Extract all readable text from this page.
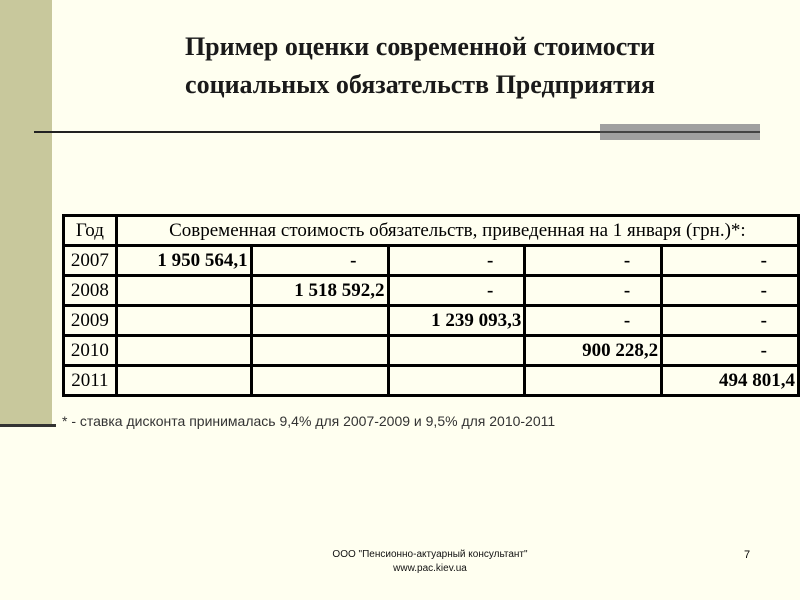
Пример оценки современной стоимости
социальных обязательств Предприятия
Год	Современная стоимость обязательств, приведенная на 1 января (грн.)*:				
2007	1 950 564,1	-	-	-	-
2008		1 518 592,2	-	-	-
2009			1 239 093,3	-	-
2010				900 228,2	-
2011					494 801,4
* - ставка дисконта принималась 9,4% для 2007-2009 и 9,5% для 2010-2011
ООО "Пенсионно-актуарный консультант"
www.pac.kiev.ua
7
